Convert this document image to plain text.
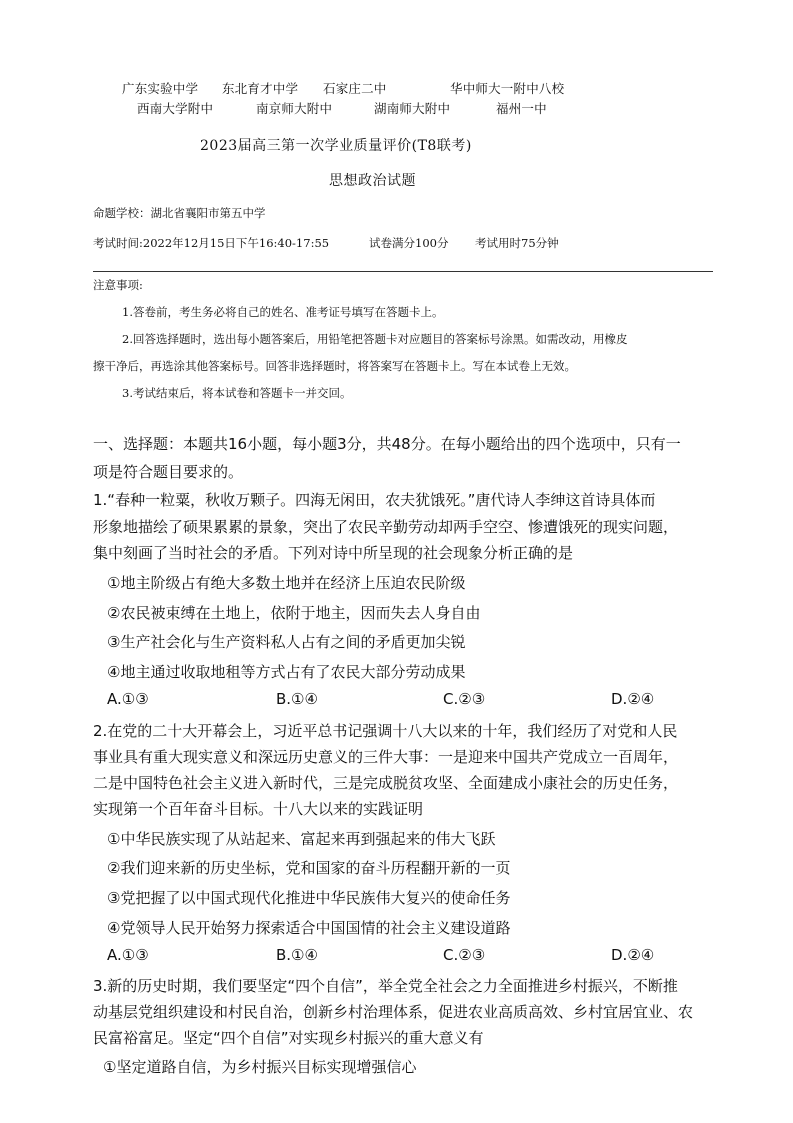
广东实验中学 东北育才中学 石家庄二中	华中师大一附中八校
西南大学附中	南京师大附中	湖南师大附中	福州一中
2023届高三第一次学业质量评价(T8联考)
思想政治试题
命题学校：湖北省襄阳市第五中学
考试时间:2022年12月15日下午16:40-17:55	试卷满分100分 考试用时75分钟
注意事项:
1.答卷前，考生务必将自己的姓名、准考证号填写在答题卡上。
2.回答选择题时，选出每小题答案后，用铅笔把答题卡对应题目的答案标号涂黑。如需改动，用橡皮
擦干净后，再选涂其他答案标号。回答非选择题时，将答案写在答题卡上。写在本试卷上无效。
3.考试结束后，将本试卷和答题卡一并交回。
一、选择题：本题共16小题，每小题3分，共48分。在每小题给出的四个选项中，只有一
项是符合题目要求的。
1.“春种一粒粟，秋收万颗子。四海无闲田，农夫犹饿死。”唐代诗人李绅这首诗具体而
形象地描绘了硕果累累的景象，突出了农民辛勤劳动却两手空空、惨遭饿死的现实问题，
集中刻画了当时社会的矛盾。下列对诗中所呈现的社会现象分析正确的是
①地主阶级占有绝大多数土地并在经济上压迫农民阶级
②农民被束缚在土地上，依附于地主，因而失去人身自由
③生产社会化与生产资料私人占有之间的矛盾更加尖锐
④地主通过收取地租等方式占有了农民大部分劳动成果
A.①③	B.①④	C.②③	D.②④
2.在党的二十大开幕会上，习近平总书记强调十八大以来的十年，我们经历了对党和人民
事业具有重大现实意义和深远历史意义的三件大事：一是迎来中国共产党成立一百周年，
二是中国特色社会主义进入新时代，三是完成脱贫攻坚、全面建成小康社会的历史任务，
实现第一个百年奋斗目标。十八大以来的实践证明
①中华民族实现了从站起来、富起来再到强起来的伟大飞跃
②我们迎来新的历史坐标，党和国家的奋斗历程翻开新的一页
③党把握了以中国式现代化推进中华民族伟大复兴的使命任务
④党领导人民开始努力探索适合中国国情的社会主义建设道路
A.①③	B.①④	C.②③	D.②④
3.新的历史时期，我们要坚定“四个自信”，举全党全社会之力全面推进乡村振兴，不断推
动基层党组织建设和村民自治，创新乡村治理体系，促进农业高质高效、乡村宜居宜业、农
民富裕富足。坚定“四个自信”对实现乡村振兴的重大意义有
①坚定道路自信，为乡村振兴目标实现增强信心
